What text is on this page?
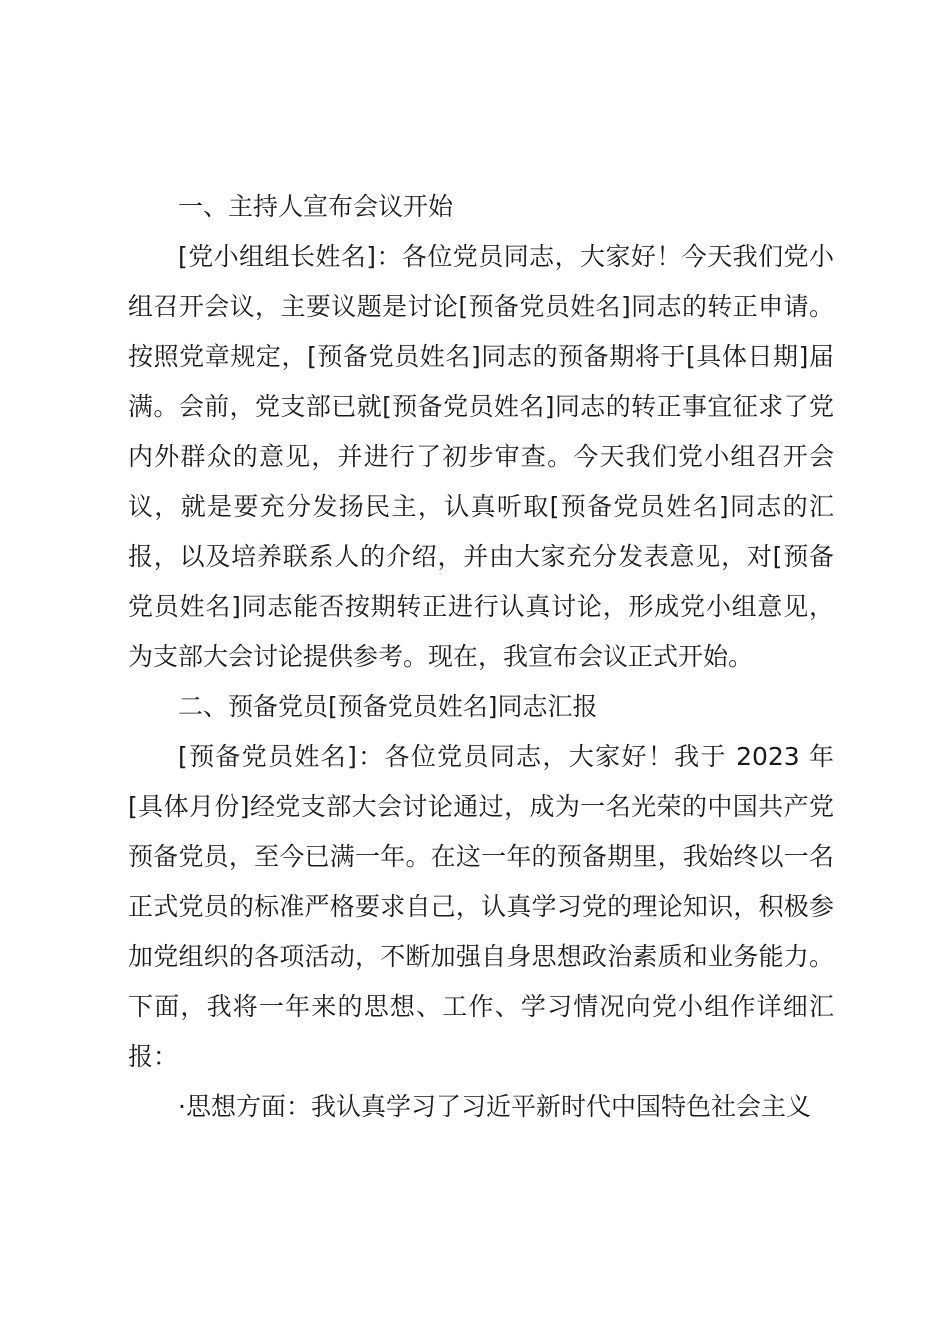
一、主持人宣布会议开始

[党小组组长姓名]：各位党员同志，大家好！今天我们党小组召开会议，主要议题是讨论[预备党员姓名]同志的转正申请。按照党章规定，[预备党员姓名]同志的预备期将于[具体日期]届满。会前，党支部已就[预备党员姓名]同志的转正事宜征求了党内外群众的意见，并进行了初步审查。今天我们党小组召开会议，就是要充分发扬民主，认真听取[预备党员姓名]同志的汇报，以及培养联系人的介绍，并由大家充分发表意见，对[预备党员姓名]同志能否按期转正进行认真讨论，形成党小组意见，为支部大会讨论提供参考。现在，我宣布会议正式开始。

二、预备党员[预备党员姓名]同志汇报

[预备党员姓名]：各位党员同志，大家好！我于 2023 年[具体月份]经党支部大会讨论通过，成为一名光荣的中国共产党预备党员，至今已满一年。在这一年的预备期里，我始终以一名正式党员的标准严格要求自己，认真学习党的理论知识，积极参加党组织的各项活动，不断加强自身思想政治素质和业务能力。下面，我将一年来的思想、工作、学习情况向党小组作详细汇报：

·思想方面：我认真学习了习近平新时代中国特色社会主义
